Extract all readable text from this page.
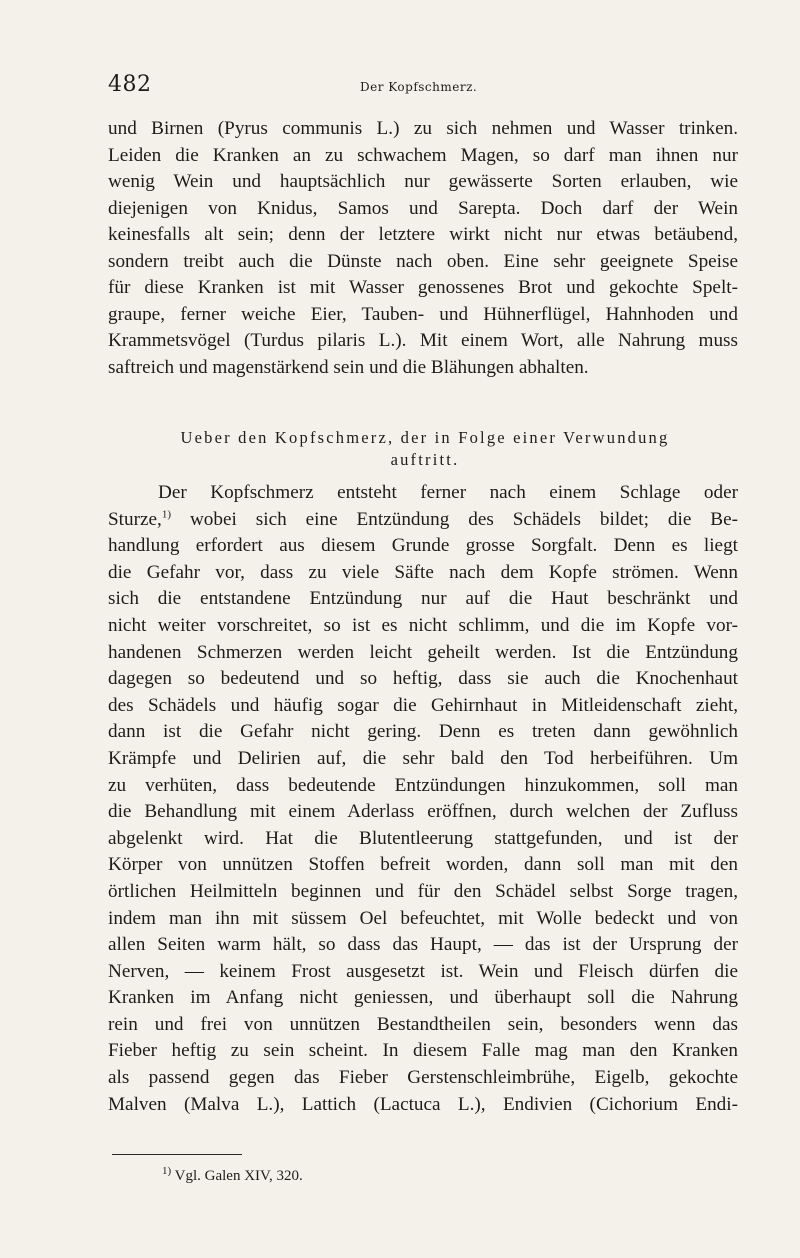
482	Der Kopfschmerz.
und Birnen (Pyrus communis L.) zu sich nehmen und Wasser trinken.
Leiden die Kranken an zu schwachem Magen, so darf man ihnen nur
wenig Wein und hauptsächlich nur gewässerte Sorten erlauben, wie
diejenigen von Knidus, Samos und Sarepta. Doch darf der Wein
keinesfalls alt sein; denn der letztere wirkt nicht nur etwas betäubend,
sondern treibt auch die Dünste nach oben. Eine sehr geeignete Speise
für diese Kranken ist mit Wasser genossenes Brot und gekochte Spelt-
graupe, ferner weiche Eier, Tauben- und Hühnerflügel, Hahnhoden und
Krammetsvögel (Turdus pilaris L.). Mit einem Wort, alle Nahrung muss
saftreich und magenstärkend sein und die Blähungen abhalten.
Ueber den Kopfschmerz, der in Folge einer Verwundung
auftritt.
Der Kopfschmerz entsteht ferner nach einem Schlage oder
Sturze,$^{1)}$ wobei sich eine Entzündung des Schädels bildet; die Be-
handlung erfordert aus diesem Grunde grosse Sorgfalt. Denn es liegt
die Gefahr vor, dass zu viele Säfte nach dem Kopfe strömen. Wenn
sich die entstandene Entzündung nur auf die Haut beschränkt und
nicht weiter vorschreitet, so ist es nicht schlimm, und die im Kopfe vor-
handenen Schmerzen werden leicht geheilt werden. Ist die Entzündung
dagegen so bedeutend und so heftig, dass sie auch die Knochenhaut
des Schädels und häufig sogar die Gehirnhaut in Mitleidenschaft zieht,
dann ist die Gefahr nicht gering. Denn es treten dann gewöhnlich
Krämpfe und Delirien auf, die sehr bald den Tod herbeiführen. Um
zu verhüten, dass bedeutende Entzündungen hinzukommen, soll man
die Behandlung mit einem Aderlass eröffnen, durch welchen der Zufluss
abgelenkt wird. Hat die Blutentleerung stattgefunden, und ist der
Körper von unnützen Stoffen befreit worden, dann soll man mit den
örtlichen Heilmitteln beginnen und für den Schädel selbst Sorge tragen,
indem man ihn mit süssem Oel befeuchtet, mit Wolle bedeckt und von
allen Seiten warm hält, so dass das Haupt, — das ist der Ursprung der
Nerven, — keinem Frost ausgesetzt ist. Wein und Fleisch dürfen die
Kranken im Anfang nicht geniessen, und überhaupt soll die Nahrung
rein und frei von unnützen Bestandtheilen sein, besonders wenn das
Fieber heftig zu sein scheint. In diesem Falle mag man den Kranken
als passend gegen das Fieber Gerstenschleimbrühe, Eigelb, gekochte
Malven (Malva L.), Lattich (Lactuca L.), Endivien (Cichorium Endi-
$^{1)}$ Vgl. Galen XIV, 320.
